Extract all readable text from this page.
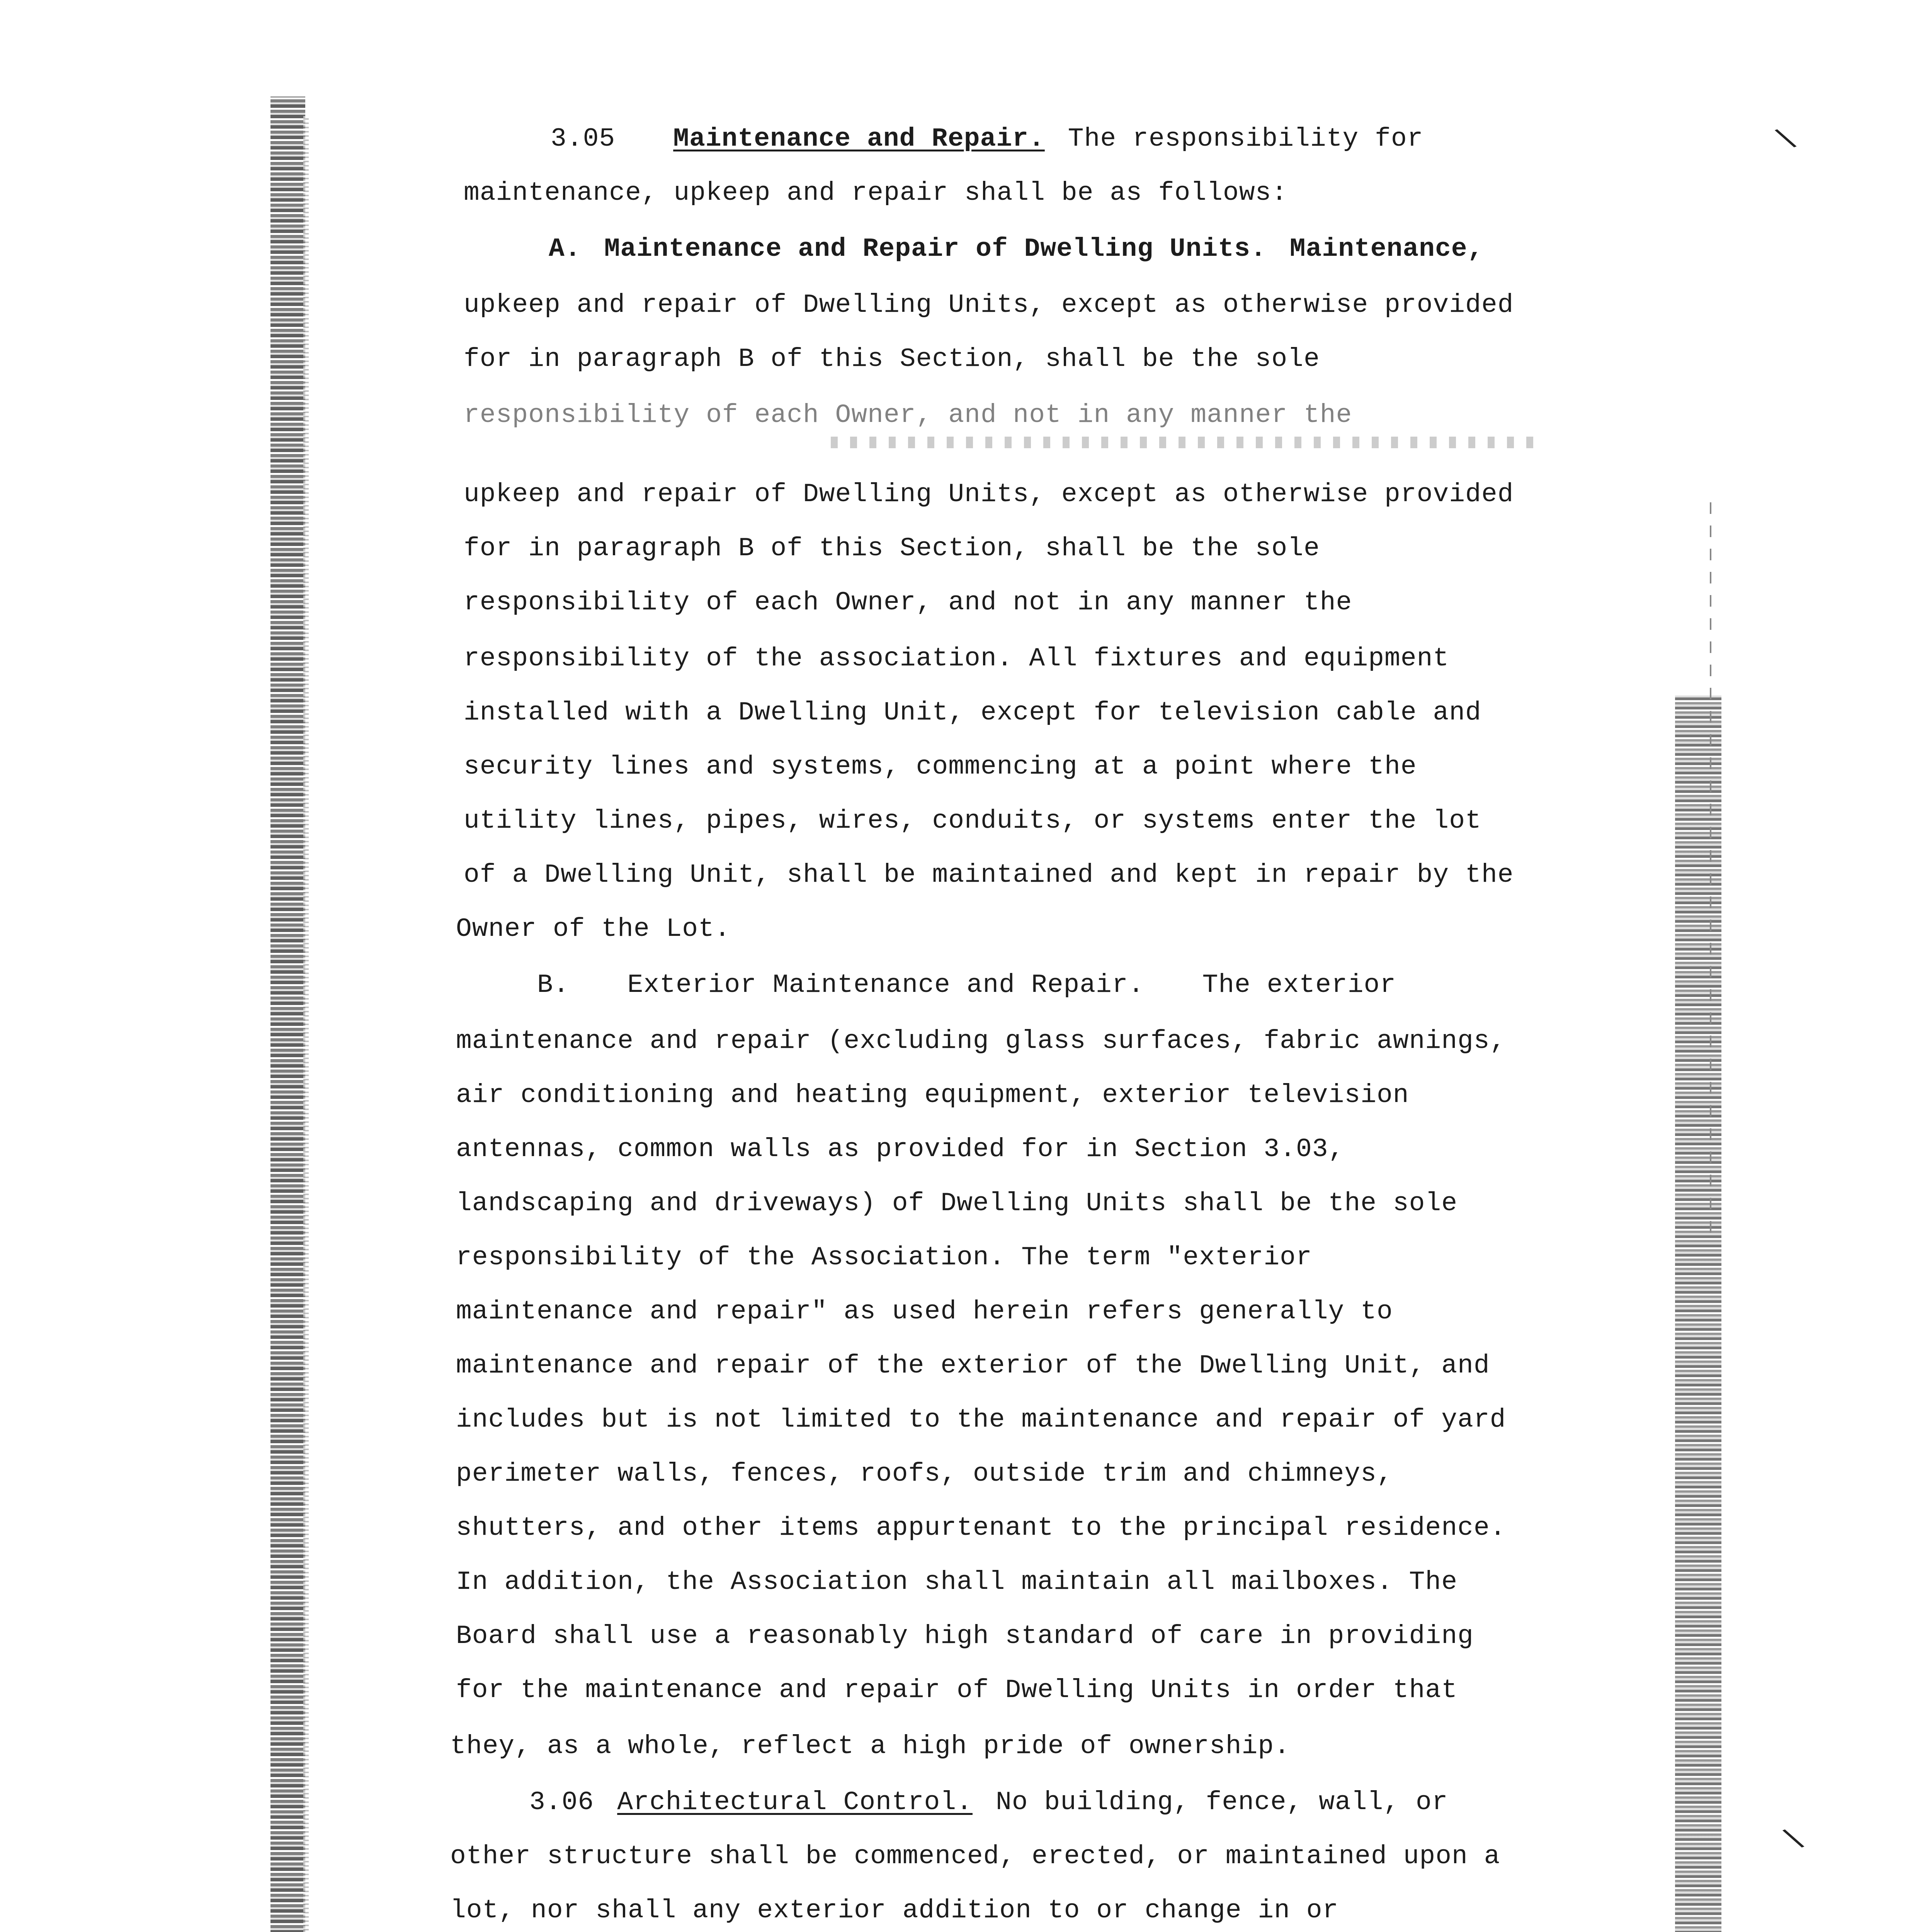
\
\
3.05 Maintenance and Repair. The responsibility for
maintenance, upkeep and repair shall be as follows:
A. Maintenance and Repair of Dwelling Units. Maintenance,
upkeep and repair of Dwelling Units, except as otherwise provided
for in paragraph B of this Section, shall be the sole
responsibility of each Owner, and not in any manner the
upkeep and repair of Dwelling Units, except as otherwise provided
for in paragraph B of this Section, shall be the sole
responsibility of each Owner, and not in any manner the
responsibility of the association. All fixtures and equipment
installed with a Dwelling Unit, except for television cable and
security lines and systems, commencing at a point where the
utility lines, pipes, wires, conduits, or systems enter the lot
of a Dwelling Unit, shall be maintained and kept in repair by the
Owner of the Lot.
B. Exterior Maintenance and Repair. The exterior
maintenance and repair (excluding glass surfaces, fabric awnings,
air conditioning and heating equipment, exterior television
antennas, common walls as provided for in Section 3.03,
landscaping and driveways) of Dwelling Units shall be the sole
responsibility of the Association. The term "exterior
maintenance and repair" as used herein refers generally to
maintenance and repair of the exterior of the Dwelling Unit, and
includes but is not limited to the maintenance and repair of yard
perimeter walls, fences, roofs, outside trim and chimneys,
shutters, and other items appurtenant to the principal residence.
In addition, the Association shall maintain all mailboxes. The
Board shall use a reasonably high standard of care in providing
for the maintenance and repair of Dwelling Units in order that
they, as a whole, reflect a high pride of ownership.
3.06 Architectural Control. No building, fence, wall, or
other structure shall be commenced, erected, or maintained upon a
lot, nor shall any exterior addition to or change in or
